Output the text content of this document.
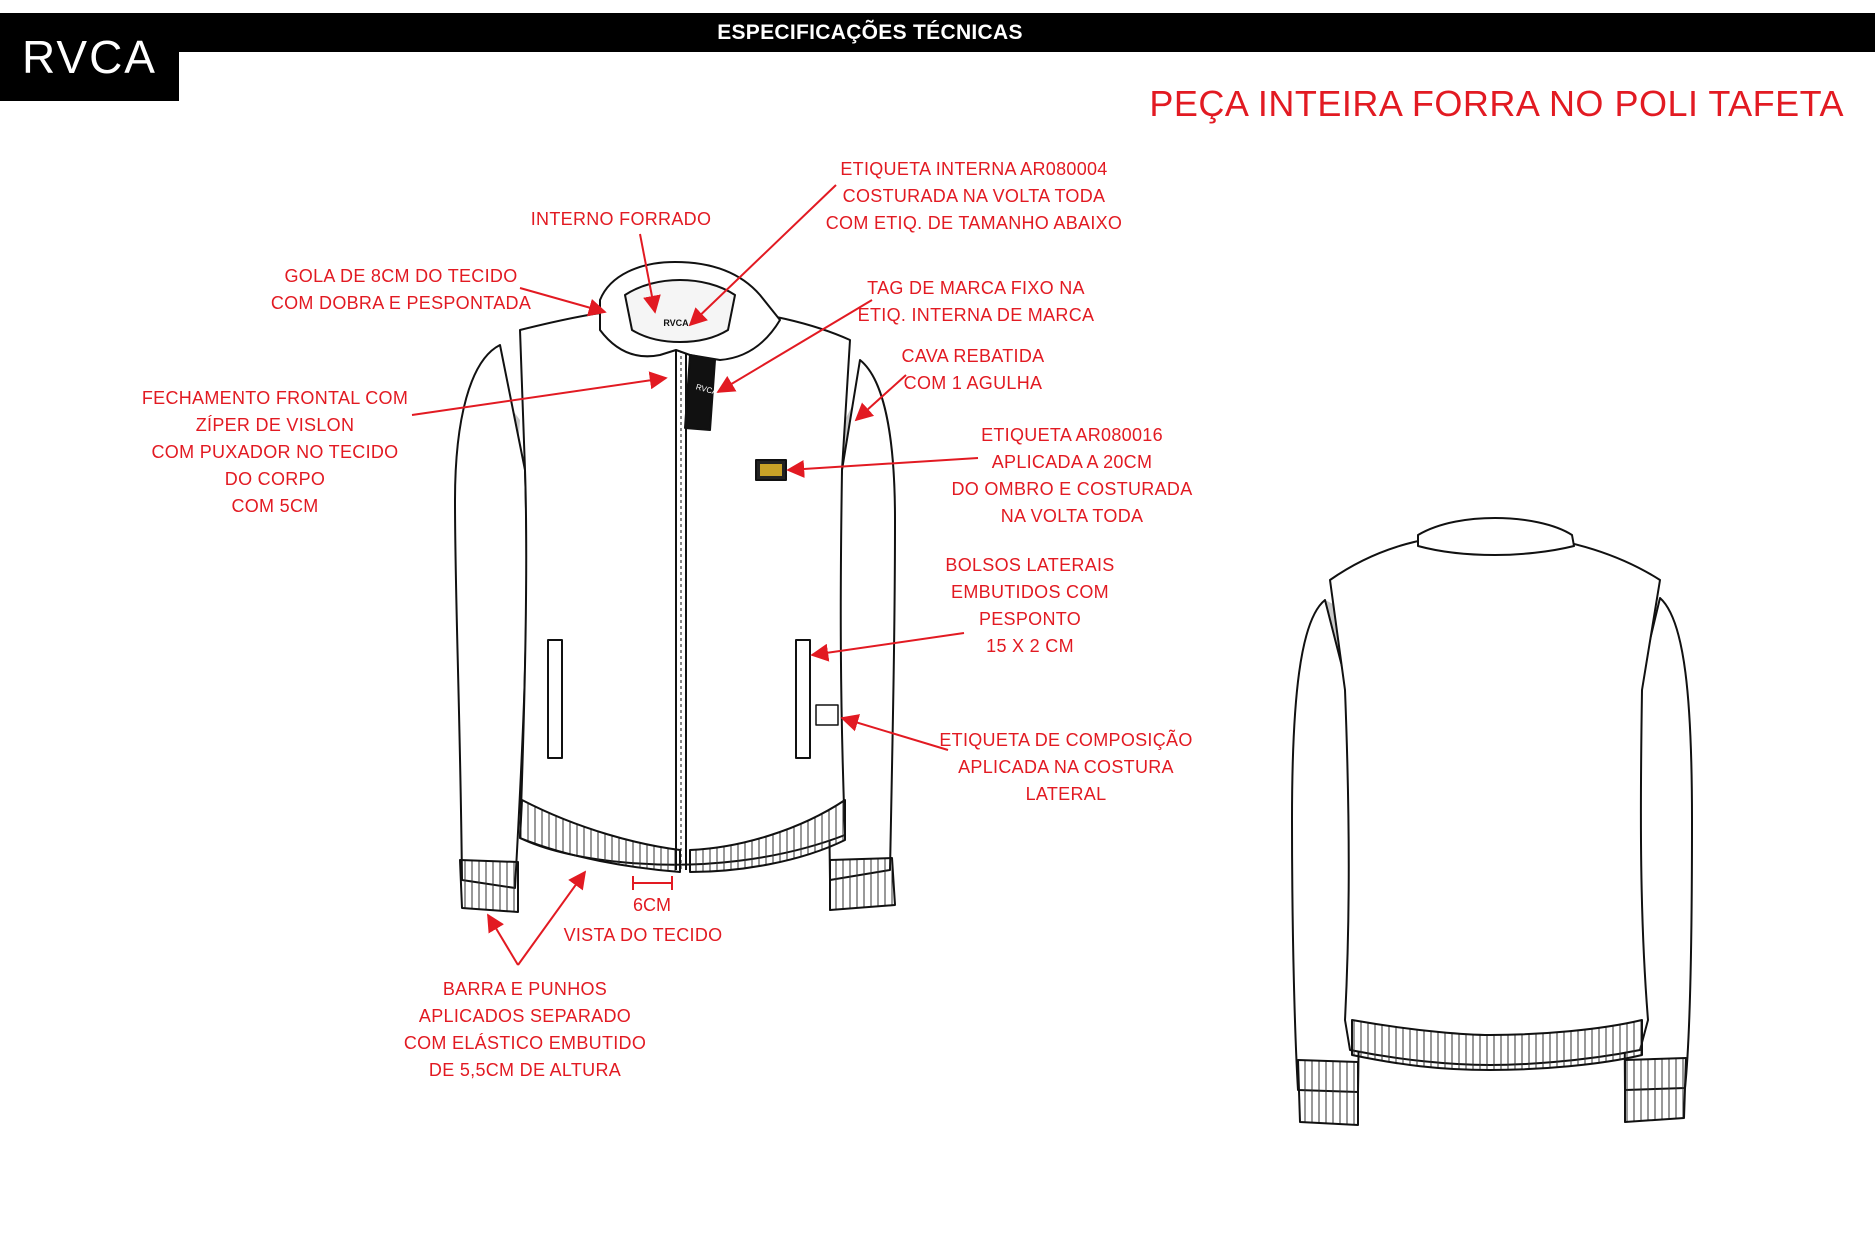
ESPECIFICAÇÕES TÉCNICAS
RVCA
PEÇA INTEIRA FORRA NO POLI TAFETA
RVCA
RVCA
6CM
INTERNO FORRADO
ETIQUETA INTERNA AR080004
COSTURADA NA VOLTA TODA
COM ETIQ. DE TAMANHO ABAIXO
GOLA DE 8CM DO TECIDO
COM DOBRA E PESPONTADA
TAG DE MARCA FIXO NA
ETIQ. INTERNA DE MARCA
CAVA REBATIDA
COM 1 AGULHA
FECHAMENTO FRONTAL COM
ZÍPER DE VISLON
COM PUXADOR NO TECIDO
DO CORPO
COM 5CM
ETIQUETA AR080016
APLICADA A 20CM
DO OMBRO E COSTURADA
NA VOLTA TODA
BOLSOS LATERAIS
EMBUTIDOS COM
PESPONTO
15 X 2 CM
ETIQUETA DE COMPOSIÇÃO
APLICADA NA COSTURA
LATERAL
VISTA DO TECIDO
BARRA E PUNHOS
APLICADOS SEPARADO
COM ELÁSTICO EMBUTIDO
DE 5,5CM DE ALTURA
